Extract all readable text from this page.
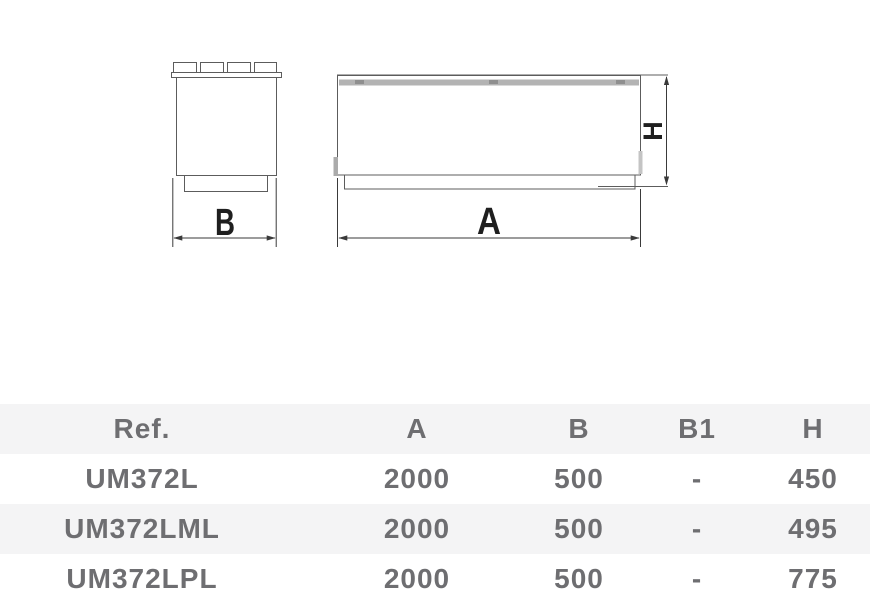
B	A
H
Ref.	A	B	B1	H
UM372L	2000	500	-	450
UM372LML	2000	500	-	495
UM372LPL	2000	500	-	775
